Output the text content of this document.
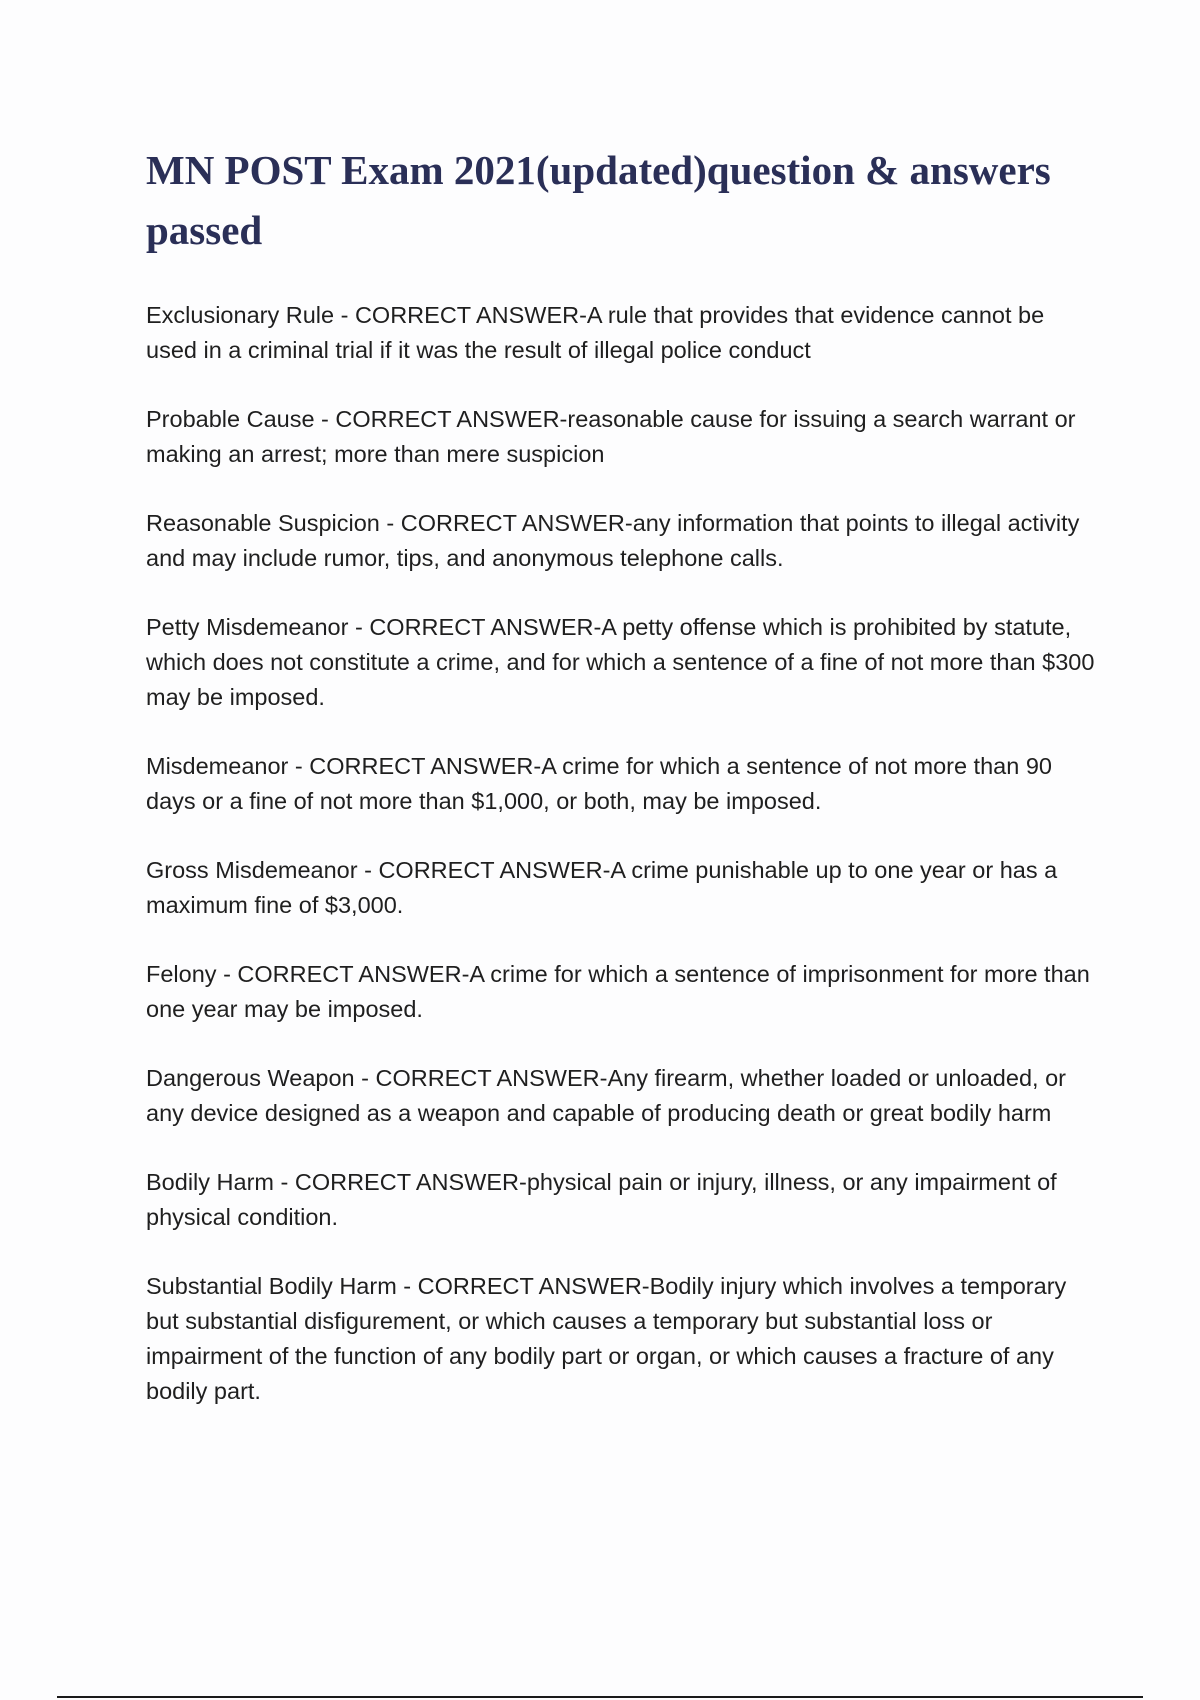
MN POST Exam 2021(updated)question & answers passed

Exclusionary Rule - CORRECT ANSWER-A rule that provides that evidence cannot be used in a criminal trial if it was the result of illegal police conduct

Probable Cause - CORRECT ANSWER-reasonable cause for issuing a search warrant or making an arrest; more than mere suspicion

Reasonable Suspicion - CORRECT ANSWER-any information that points to illegal activity and may include rumor, tips, and anonymous telephone calls.

Petty Misdemeanor - CORRECT ANSWER-A petty offense which is prohibited by statute, which does not constitute a crime, and for which a sentence of a fine of not more than $300 may be imposed.

Misdemeanor - CORRECT ANSWER-A crime for which a sentence of not more than 90 days or a fine of not more than $1,000, or both, may be imposed.

Gross Misdemeanor - CORRECT ANSWER-A crime punishable up to one year or has a maximum fine of $3,000.

Felony - CORRECT ANSWER-A crime for which a sentence of imprisonment for more than one year may be imposed.

Dangerous Weapon - CORRECT ANSWER-Any firearm, whether loaded or unloaded, or any device designed as a weapon and capable of producing death or great bodily harm

Bodily Harm - CORRECT ANSWER-physical pain or injury, illness, or any impairment of physical condition.

Substantial Bodily Harm - CORRECT ANSWER-Bodily injury which involves a temporary but substantial disfigurement, or which causes a temporary but substantial loss or impairment of the function of any bodily part or organ, or which causes a fracture of any bodily part.
